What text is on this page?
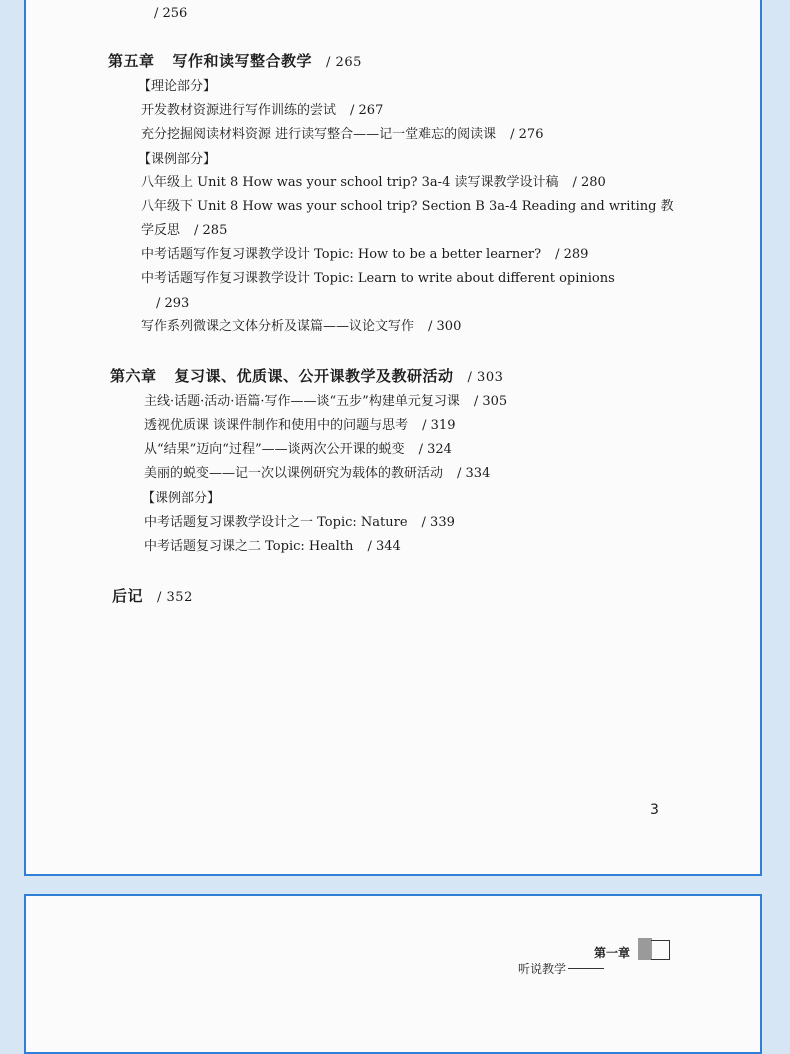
/ 256
第五章 写作和读写整合教学 / 265
【理论部分】
开发教材资源进行写作训练的尝试 / 267
充分挖掘阅读材料资源 进行读写整合——记一堂难忘的阅读课 / 276
【课例部分】
八年级上 Unit 8 How was your school trip? 3a-4 读写课教学设计稿 / 280
八年级下 Unit 8 How was your school trip? Section B 3a-4 Reading and writing 教
学反思 / 285
中考话题写作复习课教学设计 Topic: How to be a better learner? / 289
中考话题写作复习课教学设计 Topic: Learn to write about different opinions
/ 293
写作系列微课之文体分析及谋篇——议论文写作 / 300
第六章 复习课、优质课、公开课教学及教研活动 / 303
主线·话题·活动·语篇·写作——谈“五步”构建单元复习课 / 305
透视优质课 谈课件制作和使用中的问题与思考 / 319
从“结果”迈向“过程”——谈两次公开课的蜕变 / 324
美丽的蜕变——记一次以课例研究为载体的教研活动 / 334
【课例部分】
中考话题复习课教学设计之一 Topic: Nature / 339
中考话题复习课之二 Topic: Health / 344
后记 / 352
3
第一章
听说教学
